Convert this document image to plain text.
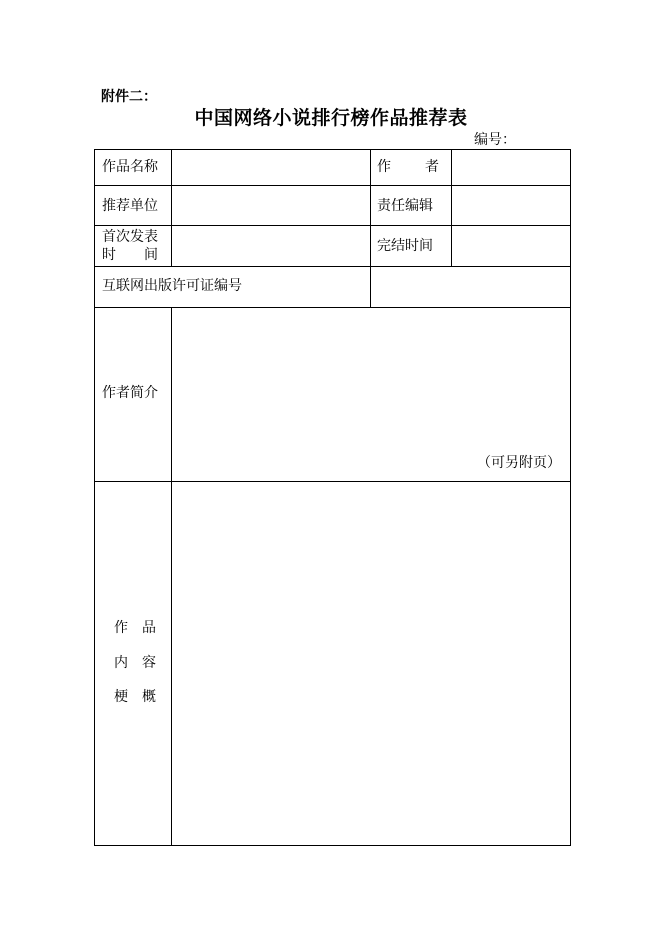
附件二：
中国网络小说排行榜作品推荐表
编号：
作品名称	作 者
推荐单位	责任编辑
首次发表
时 间
完结时间
互联网出版许可证编号
作者简介
（可另附页）
作　品
内　容
梗　概
